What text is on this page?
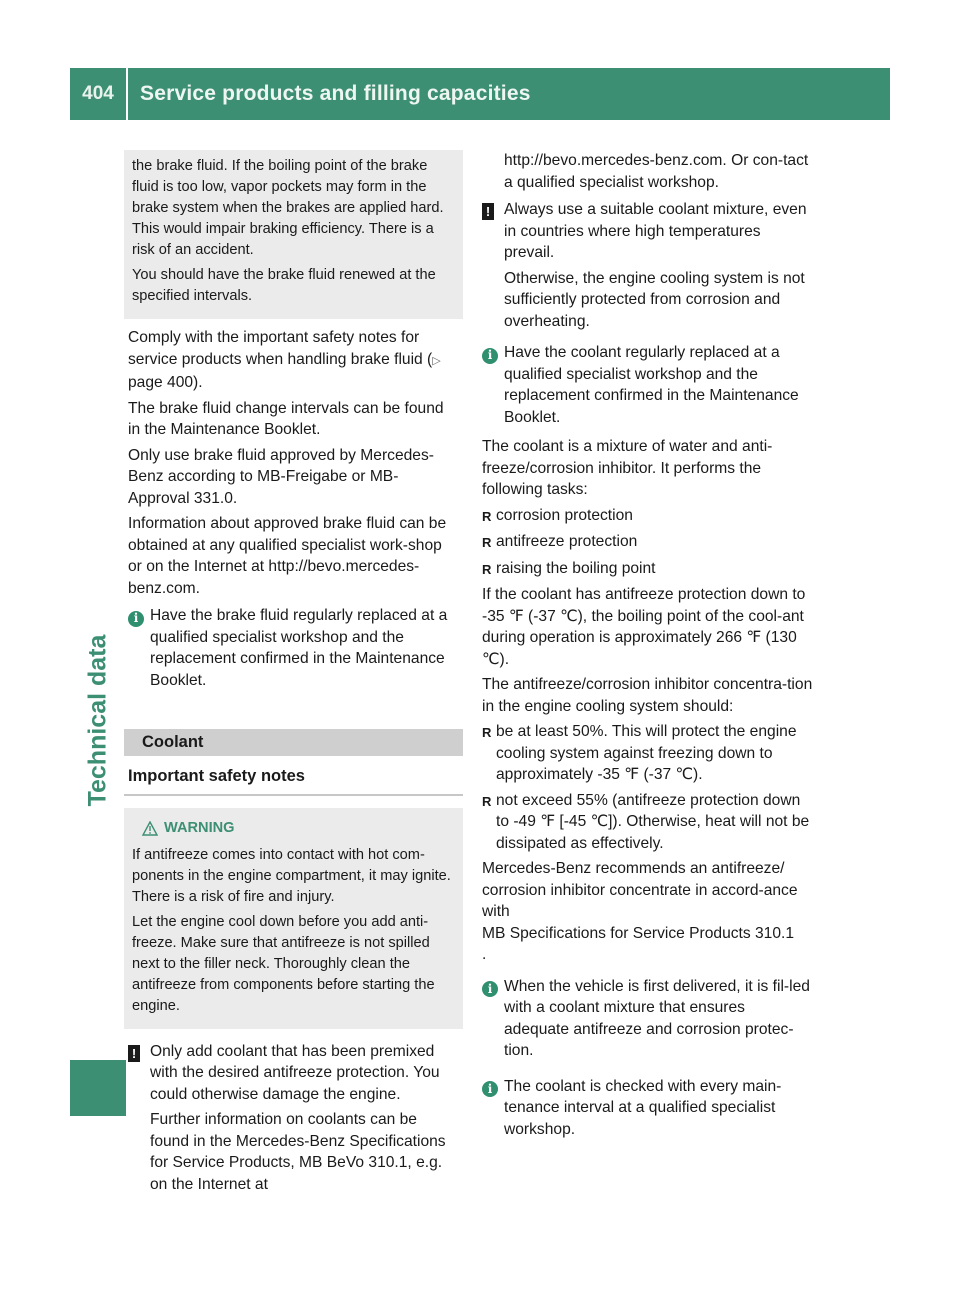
404	Service products and filling capacities
Technical data

the brake fluid. If the boiling point of the brake fluid is too low, vapor pockets may form in the brake system when the brakes are applied hard. This would impair braking efficiency. There is a risk of an accident.

You should have the brake fluid renewed at the specified intervals.

Comply with the important safety notes for service products when handling brake fluid (▷ page 400).

The brake fluid change intervals can be found in the Maintenance Booklet.

Only use brake fluid approved by Mercedes-Benz according to MB-Freigabe or MB-Approval 331.0.

Information about approved brake fluid can be obtained at any qualified specialist work-shop or on the Internet at http://bevo.mercedes-benz.com.

i Have the brake fluid regularly replaced at a qualified specialist workshop and the replacement confirmed in the Maintenance Booklet.

Coolant
Important safety notes
WARNING

If antifreeze comes into contact with hot com-ponents in the engine compartment, it may ignite. There is a risk of fire and injury.

Let the engine cool down before you add anti-freeze. Make sure that antifreeze is not spilled next to the filler neck. Thoroughly clean the antifreeze from components before starting the engine.

! Only add coolant that has been premixed with the desired antifreeze protection. You could otherwise damage the engine.

Further information on coolants can be found in the Mercedes-Benz Specifications for Service Products, MB BeVo 310.1, e.g. on the Internet at

http://bevo.mercedes-benz.com. Or con-tact a qualified specialist workshop.

! Always use a suitable coolant mixture, even in countries where high temperatures prevail.

Otherwise, the engine cooling system is not sufficiently protected from corrosion and overheating.

i Have the coolant regularly replaced at a qualified specialist workshop and the replacement confirmed in the Maintenance Booklet.

The coolant is a mixture of water and anti-freeze/corrosion inhibitor. It performs the following tasks:

R corrosion protection
R antifreeze protection
R raising the boiling point

If the coolant has antifreeze protection down to -35 ℉ (-37 ℃), the boiling point of the cool-ant during operation is approximately 266 ℉ (130 ℃).

The antifreeze/corrosion inhibitor concentra-tion in the engine cooling system should:

R be at least 50%. This will protect the engine cooling system against freezing down to approximately -35 ℉ (-37 ℃).
R not exceed 55% (antifreeze protection down to -49 ℉ [-45 ℃]). Otherwise, heat will not be dissipated as effectively.

Mercedes-Benz recommends an antifreeze/ corrosion inhibitor concentrate in accord-ance with

MB Specifications for Service Products 310.1

.

i When the vehicle is first delivered, it is fil-led with a coolant mixture that ensures adequate antifreeze and corrosion protec-tion.

i The coolant is checked with every main-tenance interval at a qualified specialist workshop.
